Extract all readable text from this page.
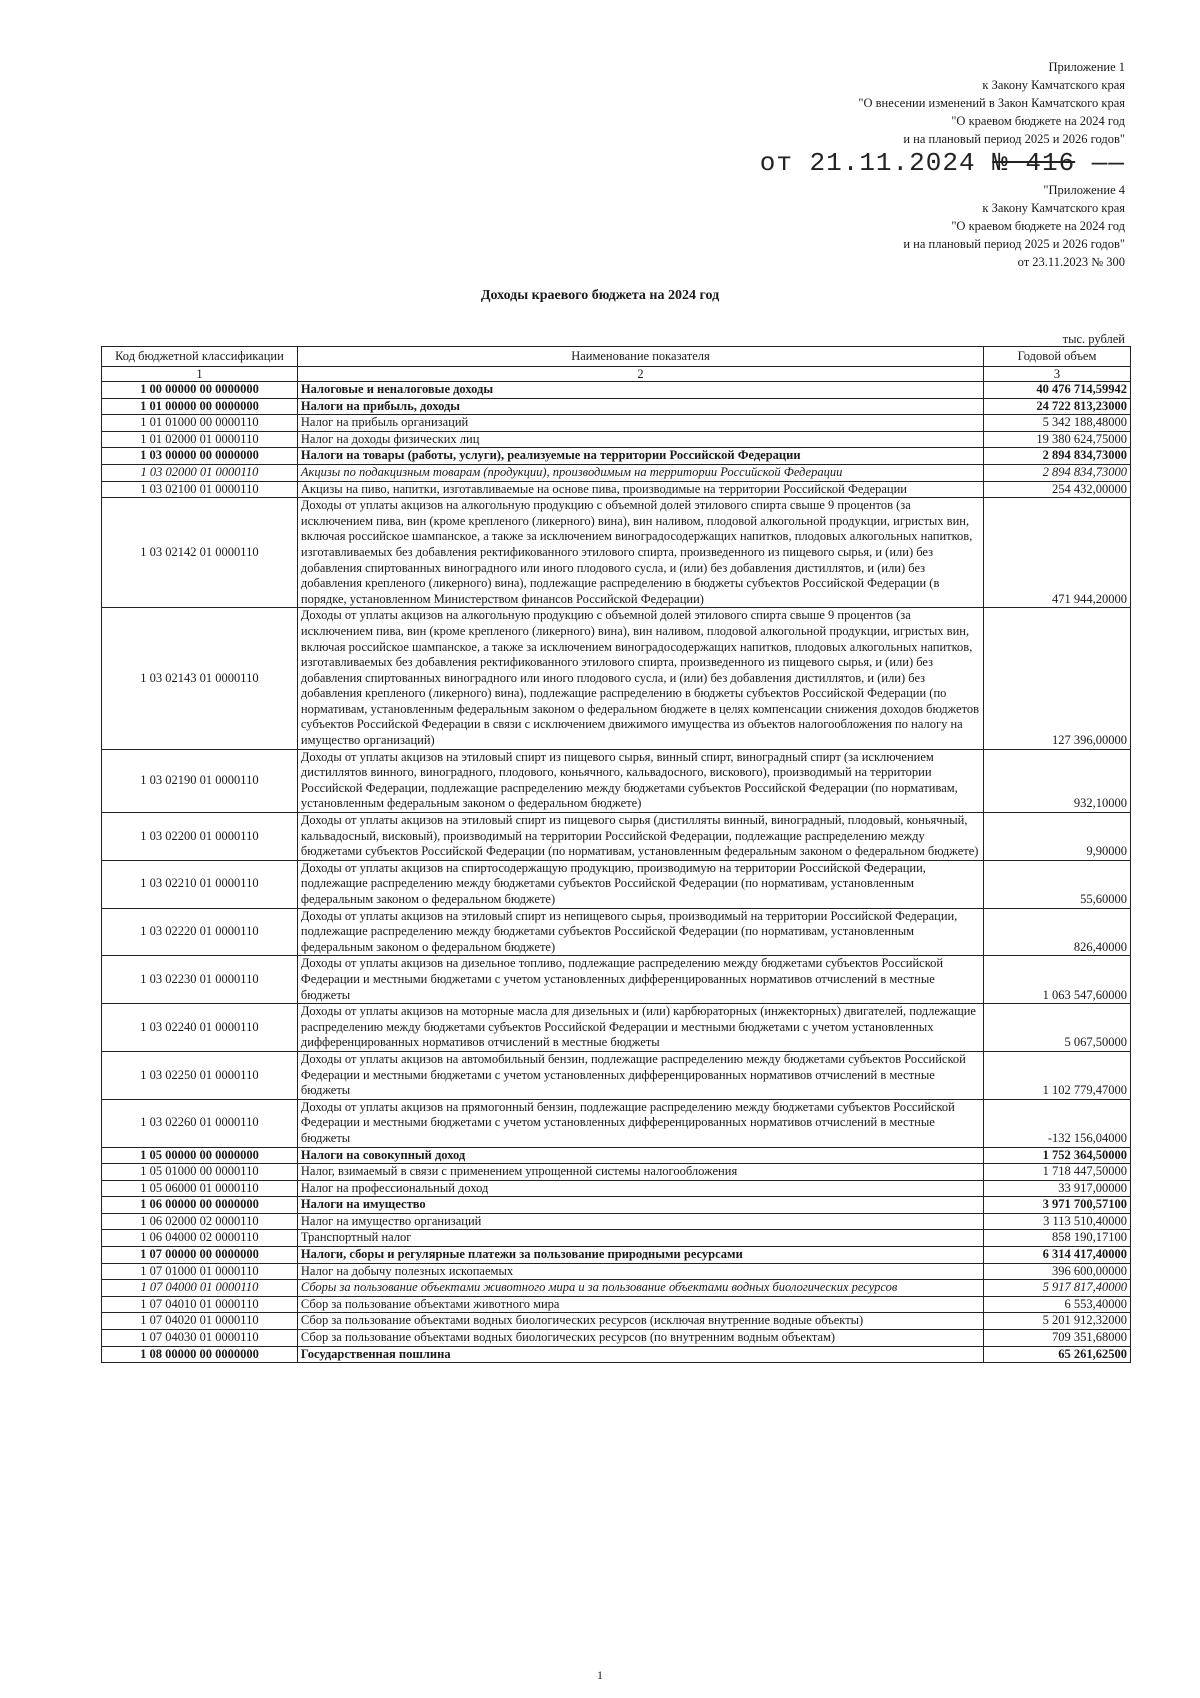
Приложение 1
к Закону Камчатского края
"О внесении изменений в Закон Камчатского края
"О краевом бюджете на 2024 год
и на плановый период 2025 и 2026 годов"
от 21.11.2024 № 416 ——
"Приложение 4
к Закону Камчатского края
"О краевом бюджете на 2024 год
и на плановый период 2025 и 2026 годов"
от 23.11.2023 № 300
Доходы краевого бюджета на 2024 год
тыс. рублей
Код бюджетной классификации	Наименование показателя	Годовой объем
1	2	3
1 00 00000 00 0000000	Налоговые и неналоговые доходы	40 476 714,59942
1 01 00000 00 0000000	Налоги на прибыль, доходы	24 722 813,23000
1 01 01000 00 0000110	Налог на прибыль организаций	5 342 188,48000
1 01 02000 01 0000110	Налог на доходы физических лиц	19 380 624,75000
1 03 00000 00 0000000	Налоги на товары (работы, услуги), реализуемые на территории Российской Федерации	2 894 834,73000
1 03 02000 01 0000110	Акцизы по подакцизным товарам (продукции), производимым на территории Российской Федерации	2 894 834,73000
1 03 02100 01 0000110	Акцизы на пиво, напитки, изготавливаемые на основе пива, производимые на территории Российской Федерации	254 432,00000
1 03 02142 01 0000110	Доходы от уплаты акцизов на алкогольную продукцию с объемной долей этилового спирта свыше 9 процентов (за исключением пива, вин (кроме крепленого (ликерного) вина), вин наливом, плодовой алкогольной продукции, игристых вин, включая российское шампанское, а также за исключением виноградосодержащих напитков, плодовых алкогольных напитков, изготавливаемых без добавления ректификованного этилового спирта, произведенного из пищевого сырья, и (или) без добавления спиртованных виноградного или иного плодового сусла, и (или) без добавления дистиллятов, и (или) без добавления крепленого (ликерного) вина), подлежащие распределению в бюджеты субъектов Российской Федерации (в порядке, установленном Министерством финансов Российской Федерации)	471 944,20000
1 03 02143 01 0000110	Доходы от уплаты акцизов на алкогольную продукцию с объемной долей этилового спирта свыше 9 процентов (за исключением пива, вин (кроме крепленого (ликерного) вина), вин наливом, плодовой алкогольной продукции, игристых вин, включая российское шампанское, а также за исключением виноградосодержащих напитков, плодовых алкогольных напитков, изготавливаемых без добавления ректификованного этилового спирта, произведенного из пищевого сырья, и (или) без добавления спиртованных виноградного или иного плодового сусла, и (или) без добавления дистиллятов, и (или) без добавления крепленого (ликерного) вина), подлежащие распределению в бюджеты субъектов Российской Федерации (по нормативам, установленным федеральным законом о федеральном бюджете в целях компенсации снижения доходов бюджетов субъектов Российской Федерации в связи с исключением движимого имущества из объектов налогообложения по налогу на имущество организаций)	127 396,00000
1 03 02190 01 0000110	Доходы от уплаты акцизов на этиловый спирт из пищевого сырья, винный спирт, виноградный спирт (за исключением дистиллятов винного, виноградного, плодового, коньячного, кальвадосного, вискового), производимый на территории Российской Федерации, подлежащие распределению между бюджетами субъектов Российской Федерации (по нормативам, установленным федеральным законом о федеральном бюджете)	932,10000
1 03 02200 01 0000110	Доходы от уплаты акцизов на этиловый спирт из пищевого сырья (дистилляты винный, виноградный, плодовый, коньячный, кальвадосный, висковый), производимый на территории Российской Федерации, подлежащие распределению между бюджетами субъектов Российской Федерации (по нормативам, установленным федеральным законом о федеральном бюджете)	9,90000
1 03 02210 01 0000110	Доходы от уплаты акцизов на спиртосодержащую продукцию, производимую на территории Российской Федерации, подлежащие распределению между бюджетами субъектов Российской Федерации (по нормативам, установленным федеральным законом о федеральном бюджете)	55,60000
1 03 02220 01 0000110	Доходы от уплаты акцизов на этиловый спирт из непищевого сырья, производимый на территории Российской Федерации, подлежащие распределению между бюджетами субъектов Российской Федерации (по нормативам, установленным федеральным законом о федеральном бюджете)	826,40000
1 03 02230 01 0000110	Доходы от уплаты акцизов на дизельное топливо, подлежащие распределению между бюджетами субъектов Российской Федерации и местными бюджетами с учетом установленных дифференцированных нормативов отчислений в местные бюджеты	1 063 547,60000
1 03 02240 01 0000110	Доходы от уплаты акцизов на моторные масла для дизельных и (или) карбюраторных (инжекторных) двигателей, подлежащие распределению между бюджетами субъектов Российской Федерации и местными бюджетами с учетом установленных дифференцированных нормативов отчислений в местные бюджеты	5 067,50000
1 03 02250 01 0000110	Доходы от уплаты акцизов на автомобильный бензин, подлежащие распределению между бюджетами субъектов Российской Федерации и местными бюджетами с учетом установленных дифференцированных нормативов отчислений в местные бюджеты	1 102 779,47000
1 03 02260 01 0000110	Доходы от уплаты акцизов на прямогонный бензин, подлежащие распределению между бюджетами субъектов Российской Федерации и местными бюджетами с учетом установленных дифференцированных нормативов отчислений в местные бюджеты	-132 156,04000
1 05 00000 00 0000000	Налоги на совокупный доход	1 752 364,50000
1 05 01000 00 0000110	Налог, взимаемый в связи с применением упрощенной системы налогообложения	1 718 447,50000
1 05 06000 01 0000110	Налог на профессиональный доход	33 917,00000
1 06 00000 00 0000000	Налоги на имущество	3 971 700,57100
1 06 02000 02 0000110	Налог на имущество организаций	3 113 510,40000
1 06 04000 02 0000110	Транспортный налог	858 190,17100
1 07 00000 00 0000000	Налоги, сборы и регулярные платежи за пользование природными ресурсами	6 314 417,40000
1 07 01000 01 0000110	Налог на добычу полезных ископаемых	396 600,00000
1 07 04000 01 0000110	Сборы за пользование объектами животного мира и за пользование объектами водных биологических ресурсов	5 917 817,40000
1 07 04010 01 0000110	Сбор за пользование объектами животного мира	6 553,40000
1 07 04020 01 0000110	Сбор за пользование объектами водных биологических ресурсов (исключая внутренние водные объекты)	5 201 912,32000
1 07 04030 01 0000110	Сбор за пользование объектами водных биологических ресурсов (по внутренним водным объектам)	709 351,68000
1 08 00000 00 0000000	Государственная пошлина	65 261,62500
1
